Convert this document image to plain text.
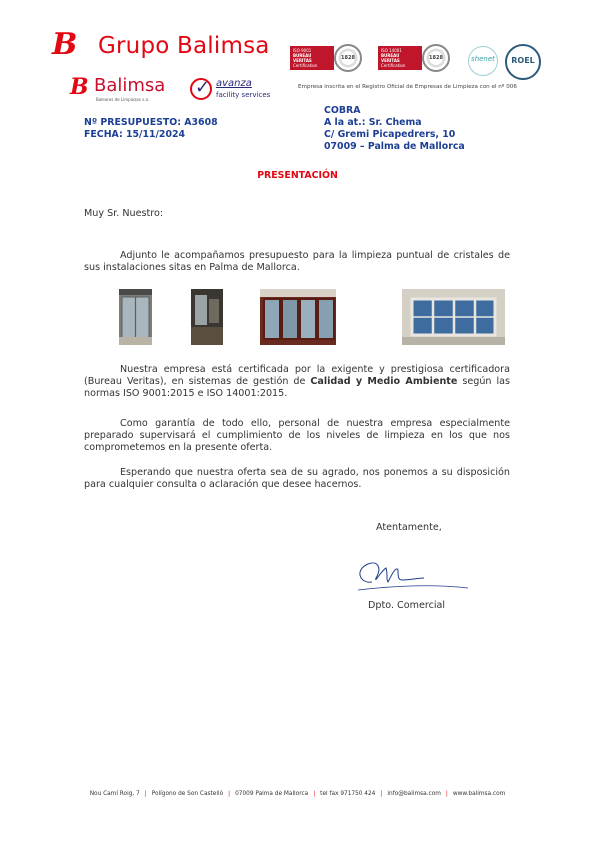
B Grupo Balimsa
B Balimsa
Baleares de Limpiezas s.a.
✓ avanza
facility services
ISO 9001
BUREAU VERITAS
Certification
1828
ISO 14001
BUREAU VERITAS
Certification
1828	shenet	ROEL
Empresa inscrita en el Registro Oficial de Empresas de Limpieza con el nº 006
Nº PRESUPUESTO: A3608
FECHA: 15/11/2024
COBRA
A la at.: Sr. Chema
C/ Gremi Picapedrers, 10
07009 – Palma de Mallorca
PRESENTACIÓN
Muy Sr. Nuestro:
Adjunto le acompañamos presupuesto para la limpieza puntual de cristales de sus instalaciones sitas en Palma de Mallorca.
Nuestra empresa está certificada por la exigente y prestigiosa certificadora (Bureau Veritas), en sistemas de gestión de Calidad y Medio Ambiente según las normas ISO 9001:2015 e ISO 14001:2015.
Como garantía de todo ello, personal de nuestra empresa especialmente preparado supervisará el cumplimiento de los niveles de limpieza en los que nos comprometemos en la presente oferta.
Esperando que nuestra oferta sea de su agrado, nos ponemos a su disposición para cualquier consulta o aclaración que desee hacernos.
Atentamente,
Dpto. Comercial
Nou Camí Roig, 7 | Polígono de Son Castelló | 07009 Palma de Mallorca | tel fax 971750 424 | info@balimsa.com | www.balimsa.com
